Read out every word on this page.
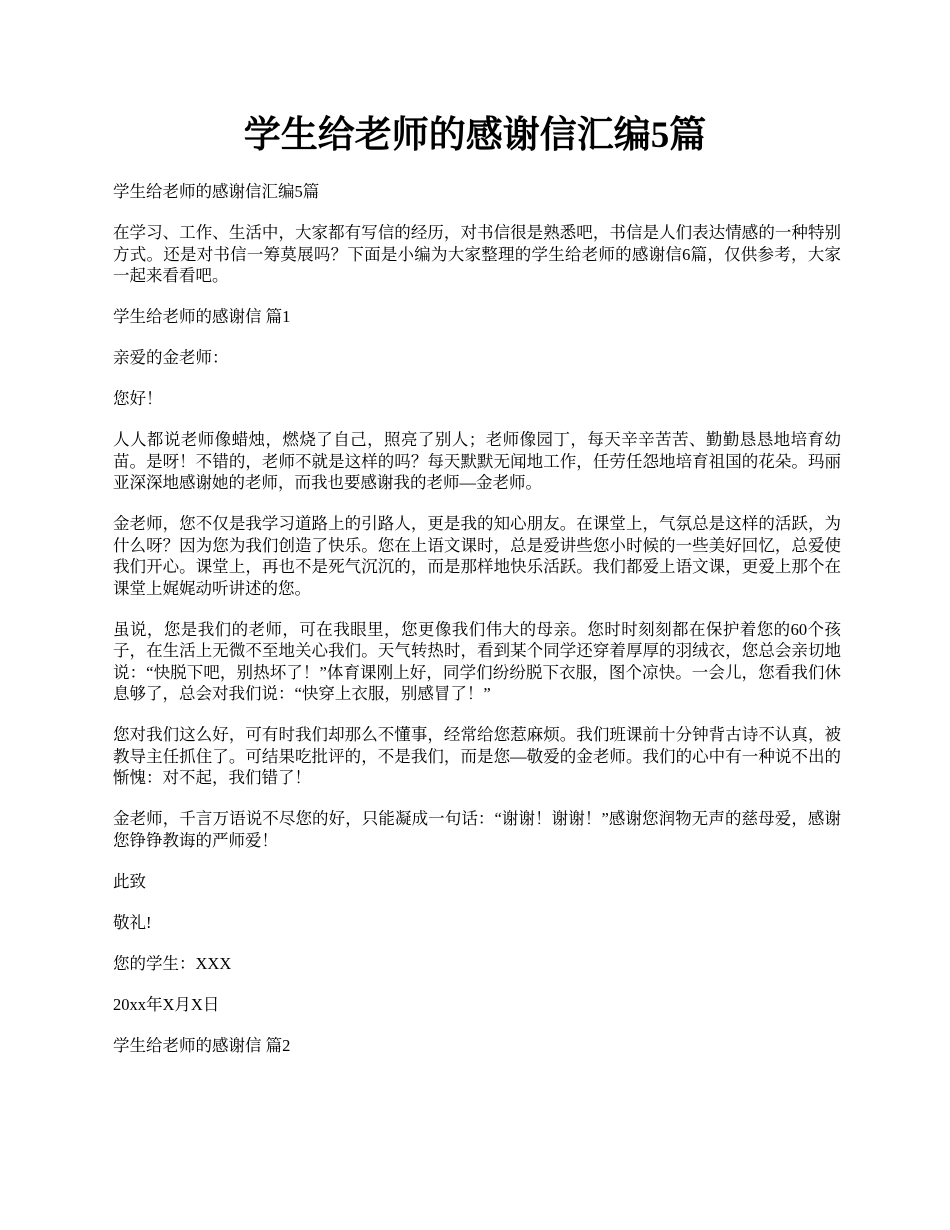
学生给老师的感谢信汇编5篇

学生给老师的感谢信汇编5篇

在学习、工作、生活中，大家都有写信的经历，对书信很是熟悉吧，书信是人们表达情感的一种特别方式。还是对书信一筹莫展吗？下面是小编为大家整理的学生给老师的感谢信6篇，仅供参考，大家一起来看看吧。

学生给老师的感谢信 篇1

亲爱的金老师：

您好！

人人都说老师像蜡烛，燃烧了自己，照亮了别人；老师像园丁，每天辛辛苦苦、勤勤恳恳地培育幼苗。是呀！不错的，老师不就是这样的吗？每天默默无闻地工作，任劳任怨地培育祖国的花朵。玛丽亚深深地感谢她的老师，而我也要感谢我的老师—金老师。

金老师，您不仅是我学习道路上的引路人，更是我的知心朋友。在课堂上，气氛总是这样的活跃，为什么呀？因为您为我们创造了快乐。您在上语文课时，总是爱讲些您小时候的一些美好回忆，总爱使我们开心。课堂上，再也不是死气沉沉的，而是那样地快乐活跃。我们都爱上语文课，更爱上那个在课堂上娓娓动听讲述的您。

虽说，您是我们的老师，可在我眼里，您更像我们伟大的母亲。您时时刻刻都在保护着您的60个孩子，在生活上无微不至地关心我们。天气转热时，看到某个同学还穿着厚厚的羽绒衣，您总会亲切地说：“快脱下吧，别热坏了！”体育课刚上好，同学们纷纷脱下衣服，图个凉快。一会儿，您看我们休息够了，总会对我们说：“快穿上衣服，别感冒了！”

您对我们这么好，可有时我们却那么不懂事，经常给您惹麻烦。我们班课前十分钟背古诗不认真，被教导主任抓住了。可结果吃批评的，不是我们，而是您—敬爱的金老师。我们的心中有一种说不出的惭愧：对不起，我们错了！

金老师，千言万语说不尽您的好，只能凝成一句话：“谢谢！谢谢！”感谢您润物无声的慈母爱，感谢您铮铮教诲的严师爱！

此致

敬礼!

您的学生：XXX

20xx年X月X日

学生给老师的感谢信 篇2
